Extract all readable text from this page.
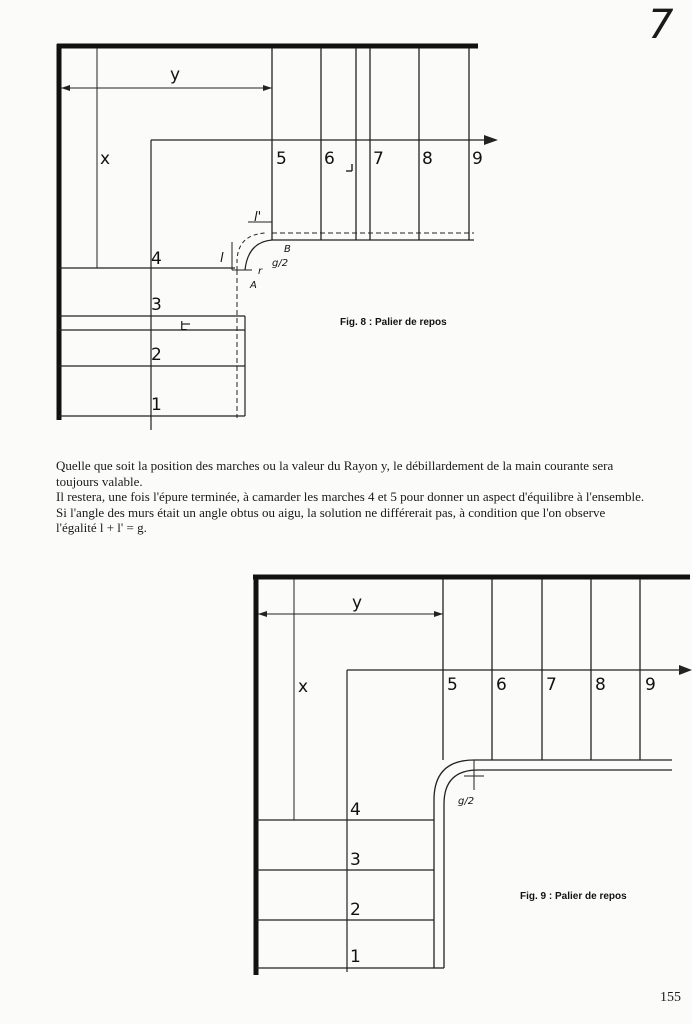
7
y
x	5 6 7 8 9
4
3
2
1
L
l
l'
A
B
r
g/2
Fig. 8 : Palier de repos

Quelle que soit la position des marches ou la valeur du Rayon y, le débillardement de la main courante sera

toujours valable.

Il restera, une fois l'épure terminée, à camarder les marches 4 et 5 pour donner un aspect d'équilibre à l'ensemble.

Si l'angle des murs était un angle obtus ou aigu, la solution ne différerait pas, à condition que l'on observe

l'égalité l + l' = g.

y
x	5 6 7 8 9
4
3
2
1
g/2
Fig. 9 : Palier de repos
155
